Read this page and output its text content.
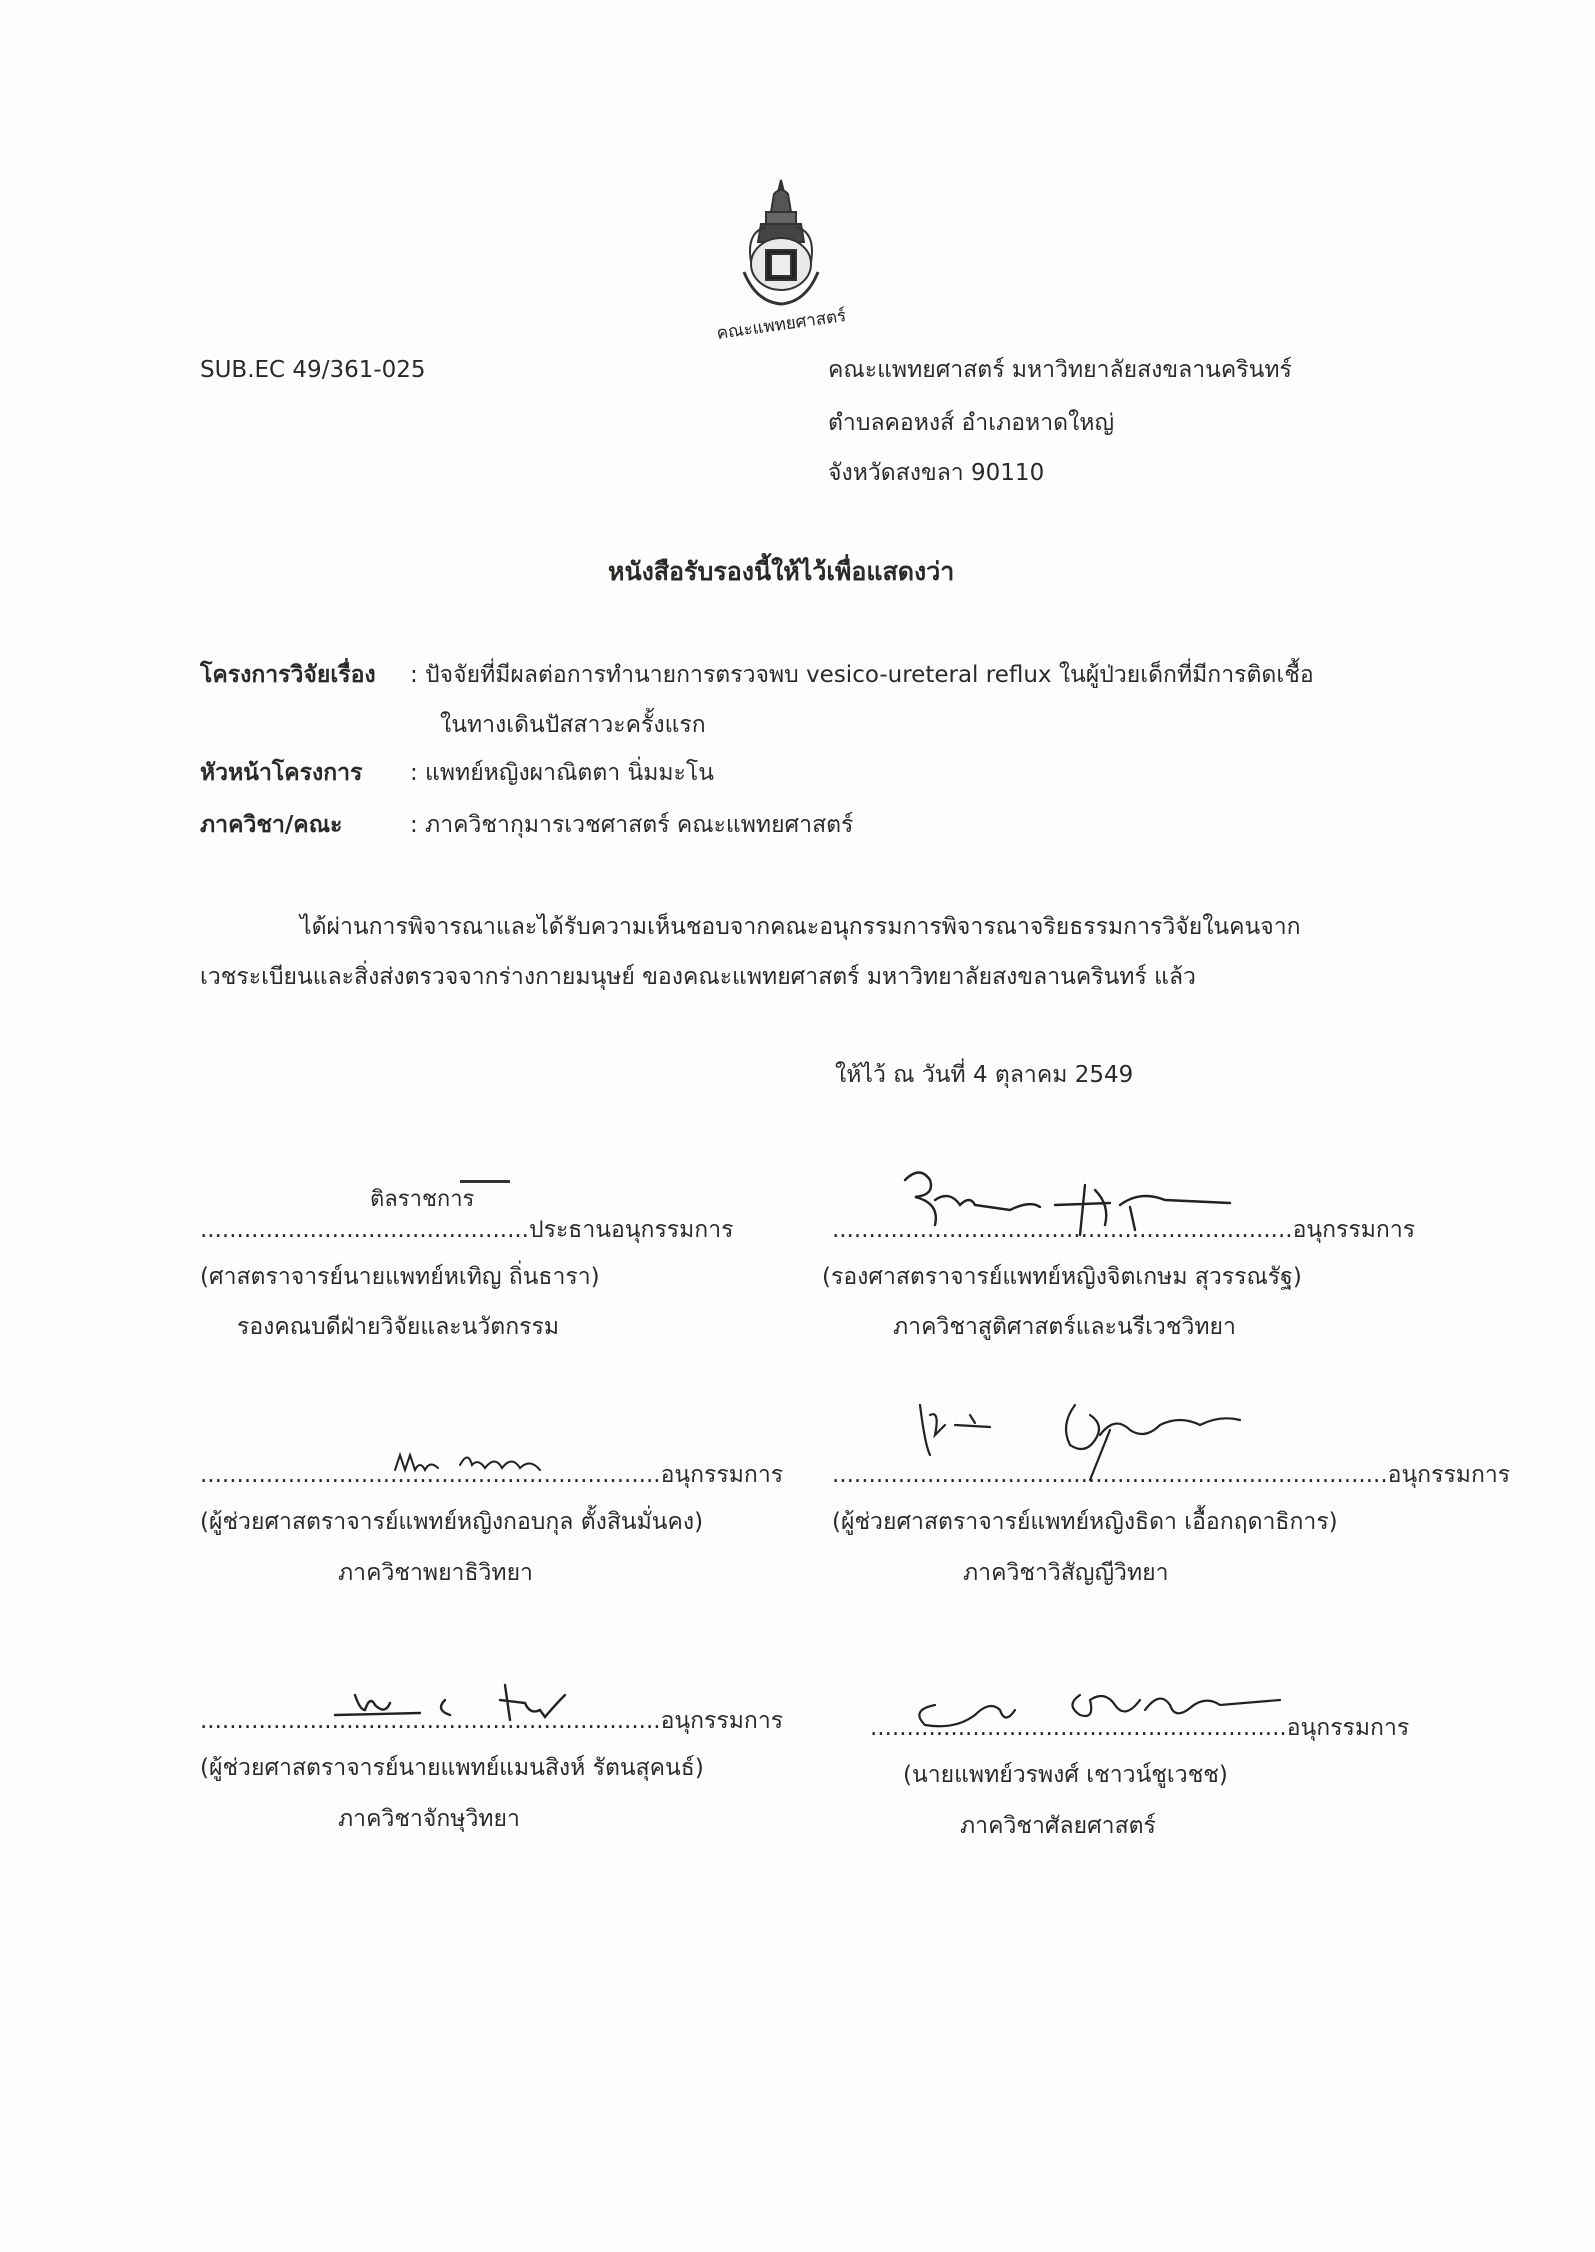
คณะแพทยศาสตร์
SUB.EC 49/361-025	คณะแพทยศาสตร์ มหาวิทยาลัยสงขลานครินทร์
ตำบลคอหงส์ อำเภอหาดใหญ่
จังหวัดสงขลา 90110
หนังสือรับรองนี้ให้ไว้เพื่อแสดงว่า
โครงการวิจัยเรื่อง : ปัจจัยที่มีผลต่อการทำนายการตรวจพบ vesico-ureteral reflux ในผู้ป่วยเด็กที่มีการติดเชื้อ
ในทางเดินปัสสาวะครั้งแรก
หัวหน้าโครงการ : แพทย์หญิงผาณิตตา นิ่มมะโน
ภาควิชา/คณะ	: ภาควิชากุมารเวชศาสตร์ คณะแพทยศาสตร์
ได้ผ่านการพิจารณาและได้รับความเห็นชอบจากคณะอนุกรรมการพิจารณาจริยธรรมการวิจัยในคนจาก
เวชระเบียนและสิ่งส่งตรวจจากร่างกายมนุษย์ ของคณะแพทยศาสตร์ มหาวิทยาลัยสงขลานครินทร์ แล้ว
ให้ไว้ ณ วันที่ 4 ตุลาคม 2549
ติลราชการ
.............................................ประธานอนุกรรมการ
(ศาสตราจารย์นายแพทย์หเทิญ ถิ่นธารา)
รองคณบดีฝ่ายวิจัยและนวัตกรรม
...............................................................อนุกรรมการ
(รองศาสตราจารย์แพทย์หญิงจิตเกษม สุวรรณรัฐ)
ภาควิชาสูติศาสตร์และนรีเวชวิทยา
...............................................................อนุกรรมการ
(ผู้ช่วยศาสตราจารย์แพทย์หญิงกอบกุล ตั้งสินมั่นคง)
ภาควิชาพยาธิวิทยา
............................................................................อนุกรรมการ
(ผู้ช่วยศาสตราจารย์แพทย์หญิงธิดา เอื้อกฤดาธิการ)
ภาควิชาวิสัญญีวิทยา
...............................................................อนุกรรมการ
(ผู้ช่วยศาสตราจารย์นายแพทย์แมนสิงห์ รัตนสุคนธ์)
ภาควิชาจักษุวิทยา
.........................................................อนุกรรมการ
(นายแพทย์วรพงศ์ เชาวน์ชูเวชช)
ภาควิชาศัลยศาสตร์
